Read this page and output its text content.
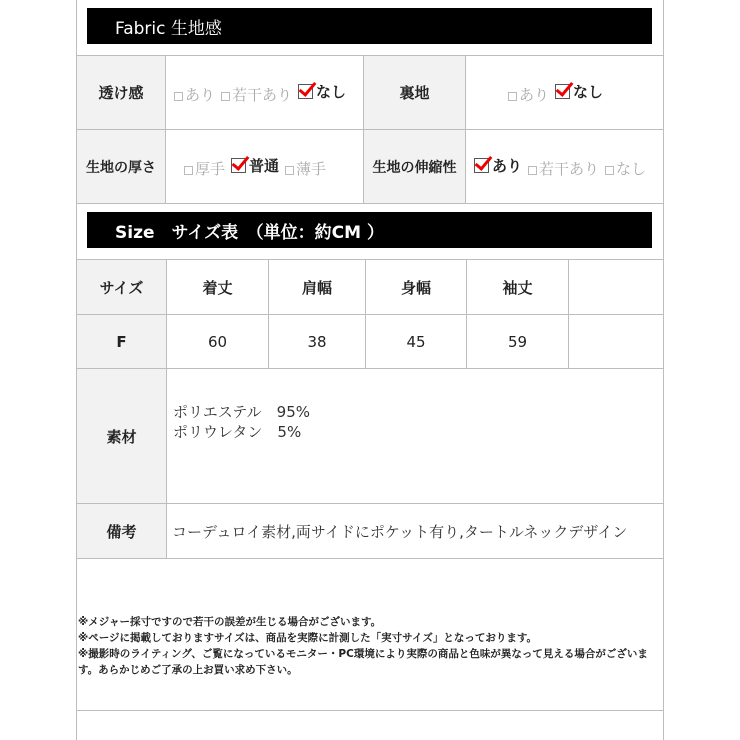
Fabric 生地感
透け感	あり 若干あり なし	裏地	あり なし

生地の厚さ	厚手 普通 薄手	生地の伸縮性	あり 若干あり なし
Size　サイズ表　（単位：約CM ）
サイズ	着丈	肩幅	身幅	袖丈	
F	60	38	45	59	
素材	ポリエステル　95%
ポリウレタン　5%

備考	コーデュロイ素材,両サイドにポケット有り,タートルネックデザイン
※メジャー採寸ですので若干の誤差が生じる場合がございます。
※ページに掲載しておりますサイズは、商品を実際に計測した「実寸サイズ」となっております。
※撮影時のライティング、ご覧になっているモニター・PC環境により実際の商品と色味が異なって見える場合がございます。あらかじめご了承の上お買い求め下さい。
